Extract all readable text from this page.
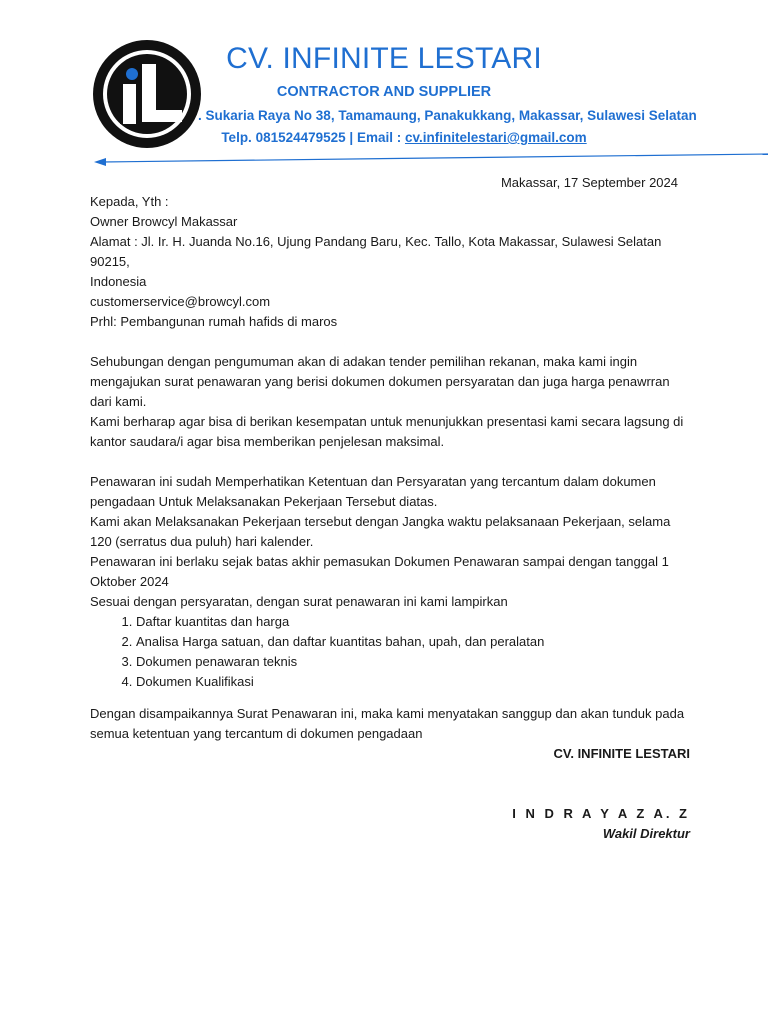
CV. INFINITE LESTARI
CONTRACTOR AND SUPPLIER
. Sukaria Raya No 38, Tamamaung, Panakukkang, Makassar, Sulawesi Selatan
Telp. 081524479525 | Email : cv.infinitelestari@gmail.com
Makassar, 17 September 2024

Kepada, Yth :

Owner Browcyl Makassar

Alamat : Jl. Ir. H. Juanda No.16, Ujung Pandang Baru, Kec. Tallo, Kota Makassar, Sulawesi Selatan 90215,
Indonesia

customerservice@browcyl.com

Prhl: Pembangunan rumah hafids di maros

Sehubungan dengan pengumuman akan di adakan tender pemilihan rekanan, maka kami ingin mengajukan surat penawaran yang berisi dokumen dokumen persyaratan dan juga harga penawrran dari kami.

Kami berharap agar bisa di berikan kesempatan untuk menunjukkan presentasi kami secara lagsung di kantor saudara/i agar bisa memberikan penjelesan maksimal.

Penawaran ini sudah Memperhatikan Ketentuan dan Persyaratan yang tercantum dalam dokumen pengadaan Untuk Melaksanakan Pekerjaan Tersebut diatas.

Kami akan Melaksanakan Pekerjaan tersebut dengan Jangka waktu pelaksanaan Pekerjaan, selama 120 (serratus dua puluh) hari kalender.

Penawaran ini berlaku sejak batas akhir pemasukan Dokumen Penawaran sampai dengan tanggal 1 Oktober 2024

Sesuai dengan persyaratan, dengan surat penawaran ini kami lampirkan

1. Daftar kuantitas dan harga
2. Analisa Harga satuan, dan daftar kuantitas bahan, upah, dan peralatan
3. Dokumen penawaran teknis
4. Dokumen Kualifikasi

Dengan disampaikannya Surat Penawaran ini, maka kami menyatakan sanggup dan akan tunduk pada semua ketentuan yang tercantum di dokumen pengadaan

CV. INFINITE LESTARI

I N D R A Y A Z A. Z

Wakil Direktur
